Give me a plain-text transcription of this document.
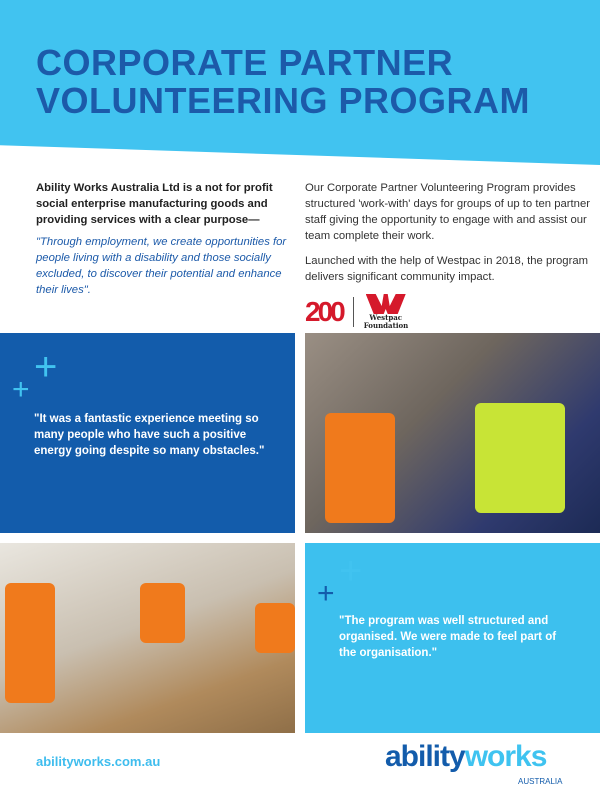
CORPORATE PARTNER
VOLUNTEERING PROGRAM

Ability Works Australia Ltd is a not for profit social enterprise manufacturing goods and providing services with a clear purpose—

"Through employment, we create opportunities for people living with a disability and those socially excluded, to discover their potential and enhance their lives".

Our Corporate Partner Volunteering Program provides structured 'work-with' days for groups of up to ten partner staff giving the opportunity to engage with and assist our team complete their work.

Launched with the help of Westpac in 2018, the program delivers significant community impact.

200	Westpac
Foundation
+
+
"It was a fantastic experience meeting so many people who have such a positive energy going despite so many obstacles."
+
+
"The program was well structured and organised. We were made to feel part of the organisation."
abilityworks.com.au	abilityworks
AUSTRALIA
